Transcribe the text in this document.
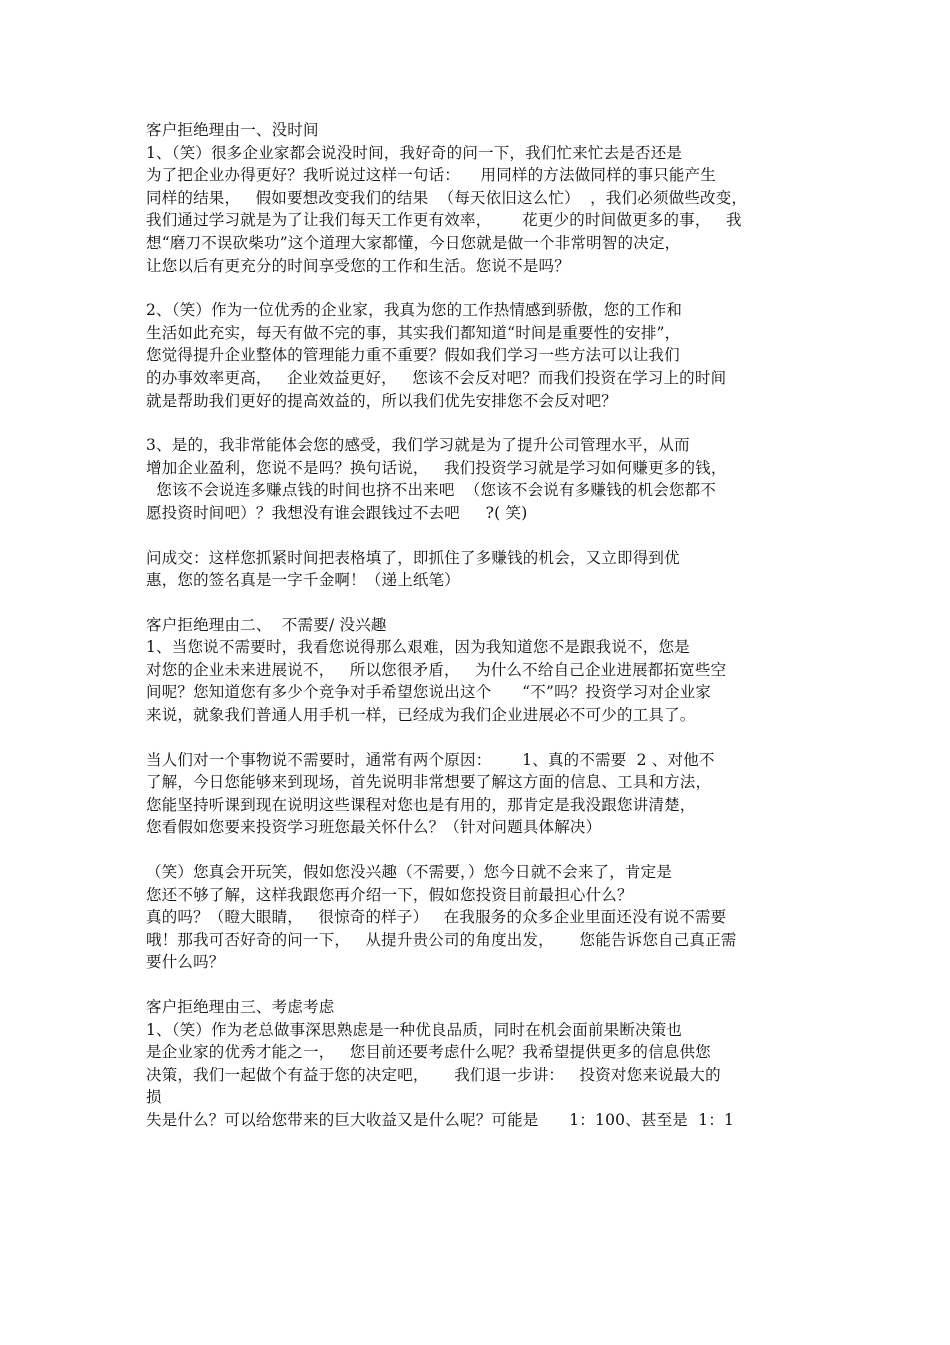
客户拒绝理由一、没时间
1、（笑）很多企业家都会说没时间，我好奇的问一下，我们忙来忙去是否还是
为了把企业办得更好？我听说过这样一句话：    用同样的方法做同样的事只能产生
同样的结果，   假如要想改变我们的结果  （每天依旧这么忙）  ，我们必须做些改变，
我们通过学习就是为了让我们每天工作更有效率，      花更少的时间做更多的事，   我
想“磨刀不误砍柴功”这个道理大家都懂，今日您就是做一个非常明智的决定，
让您以后有更充分的时间享受您的工作和生活。您说不是吗？
2、（笑）作为一位优秀的企业家，我真为您的工作热情感到骄傲，您的工作和
生活如此充实，每天有做不完的事，其实我们都知道“时间是重要性的安排”，
您觉得提升企业整体的管理能力重不重要？假如我们学习一些方法可以让我们
的办事效率更高，   企业效益更好，   您该不会反对吧？而我们投资在学习上的时间
就是帮助我们更好的提高效益的，所以我们优先安排您不会反对吧？
3、是的，我非常能体会您的感受，我们学习就是为了提升公司管理水平，从而
增加企业盈利，您说不是吗？换句话说，   我们投资学习就是学习如何赚更多的钱，
您该不会说连多赚点钱的时间也挤不出来吧  （您该不会说有多赚钱的机会您都不
愿投资时间吧）？我想没有谁会跟钱过不去吧     ?( 笑)
问成交：这样您抓紧时间把表格填了，即抓住了多赚钱的机会，又立即得到优
惠，您的签名真是一字千金啊！（递上纸笔）
客户拒绝理由二、  不需要/ 没兴趣
1、当您说不需要时，我看您说得那么艰难，因为我知道您不是跟我说不，您是
对您的企业未来进展说不，   所以您很矛盾，   为什么不给自己企业进展都拓宽些空
间呢？您知道您有多少个竞争对手希望您说出这个      “不”吗？投资学习对企业家
来说，就象我们普通人用手机一样，已经成为我们企业进展必不可少的工具了。
当人们对一个事物说不需要时，通常有两个原因：      1、真的不需要  2 、对他不
了解，今日您能够来到现场，首先说明非常想要了解这方面的信息、工具和方法，
您能坚持听课到现在说明这些课程对您也是有用的，那肯定是我没跟您讲清楚，
您看假如您要来投资学习班您最关怀什么？（针对问题具体解决）
（笑）您真会开玩笑，假如您没兴趣（不需要，）您今日就不会来了，肯定是
您还不够了解，这样我跟您再介绍一下，假如您投资目前最担心什么？
真的吗？（瞪大眼睛，   很惊奇的样子）   在我服务的众多企业里面还没有说不需要
哦！那我可否好奇的问一下，   从提升贵公司的角度出发，     您能告诉您自己真正需
要什么吗？
客户拒绝理由三、考虑考虑
1、（笑）作为老总做事深思熟虑是一种优良品质，同时在机会面前果断决策也
是企业家的优秀才能之一，   您目前还要考虑什么呢？我希望提供更多的信息供您
决策，我们一起做个有益于您的决定吧，     我们退一步讲：   投资对您来说最大的
损
失是什么？可以给您带来的巨大收益又是什么呢？可能是      1：100、甚至是  1：1
